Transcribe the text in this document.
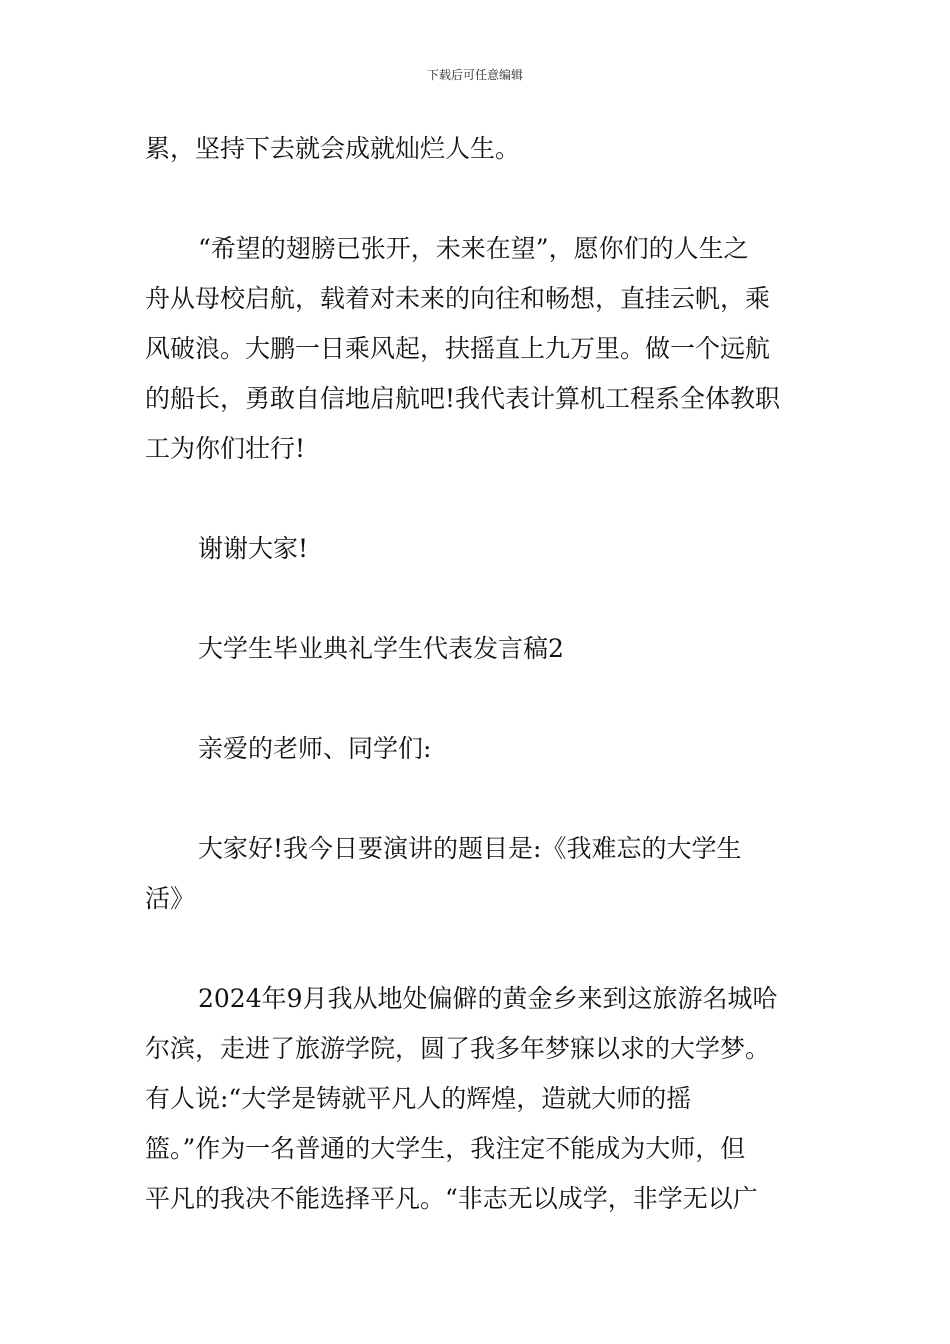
下载后可任意编辑
累，坚持下去就会成就灿烂人生。
“希望的翅膀已张开，未来在望”，愿你们的人生之
舟从母校启航，载着对未来的向往和畅想，直挂云帆，乘
风破浪。大鹏一日乘风起，扶摇直上九万里。做一个远航
的船长，勇敢自信地启航吧!我代表计算机工程系全体教职
工为你们壮行!
谢谢大家!
大学生毕业典礼学生代表发言稿2
亲爱的老师、同学们:
大家好!我今日要演讲的题目是:《我难忘的大学生
活》
2024年9月我从地处偏僻的黄金乡来到这旅游名城哈
尔滨，走进了旅游学院，圆了我多年梦寐以求的大学梦。
有人说:“大学是铸就平凡人的辉煌，造就大师的摇
篮。”作为一名普通的大学生，我注定不能成为大师，但
平凡的我决不能选择平凡。“非志无以成学，非学无以广
